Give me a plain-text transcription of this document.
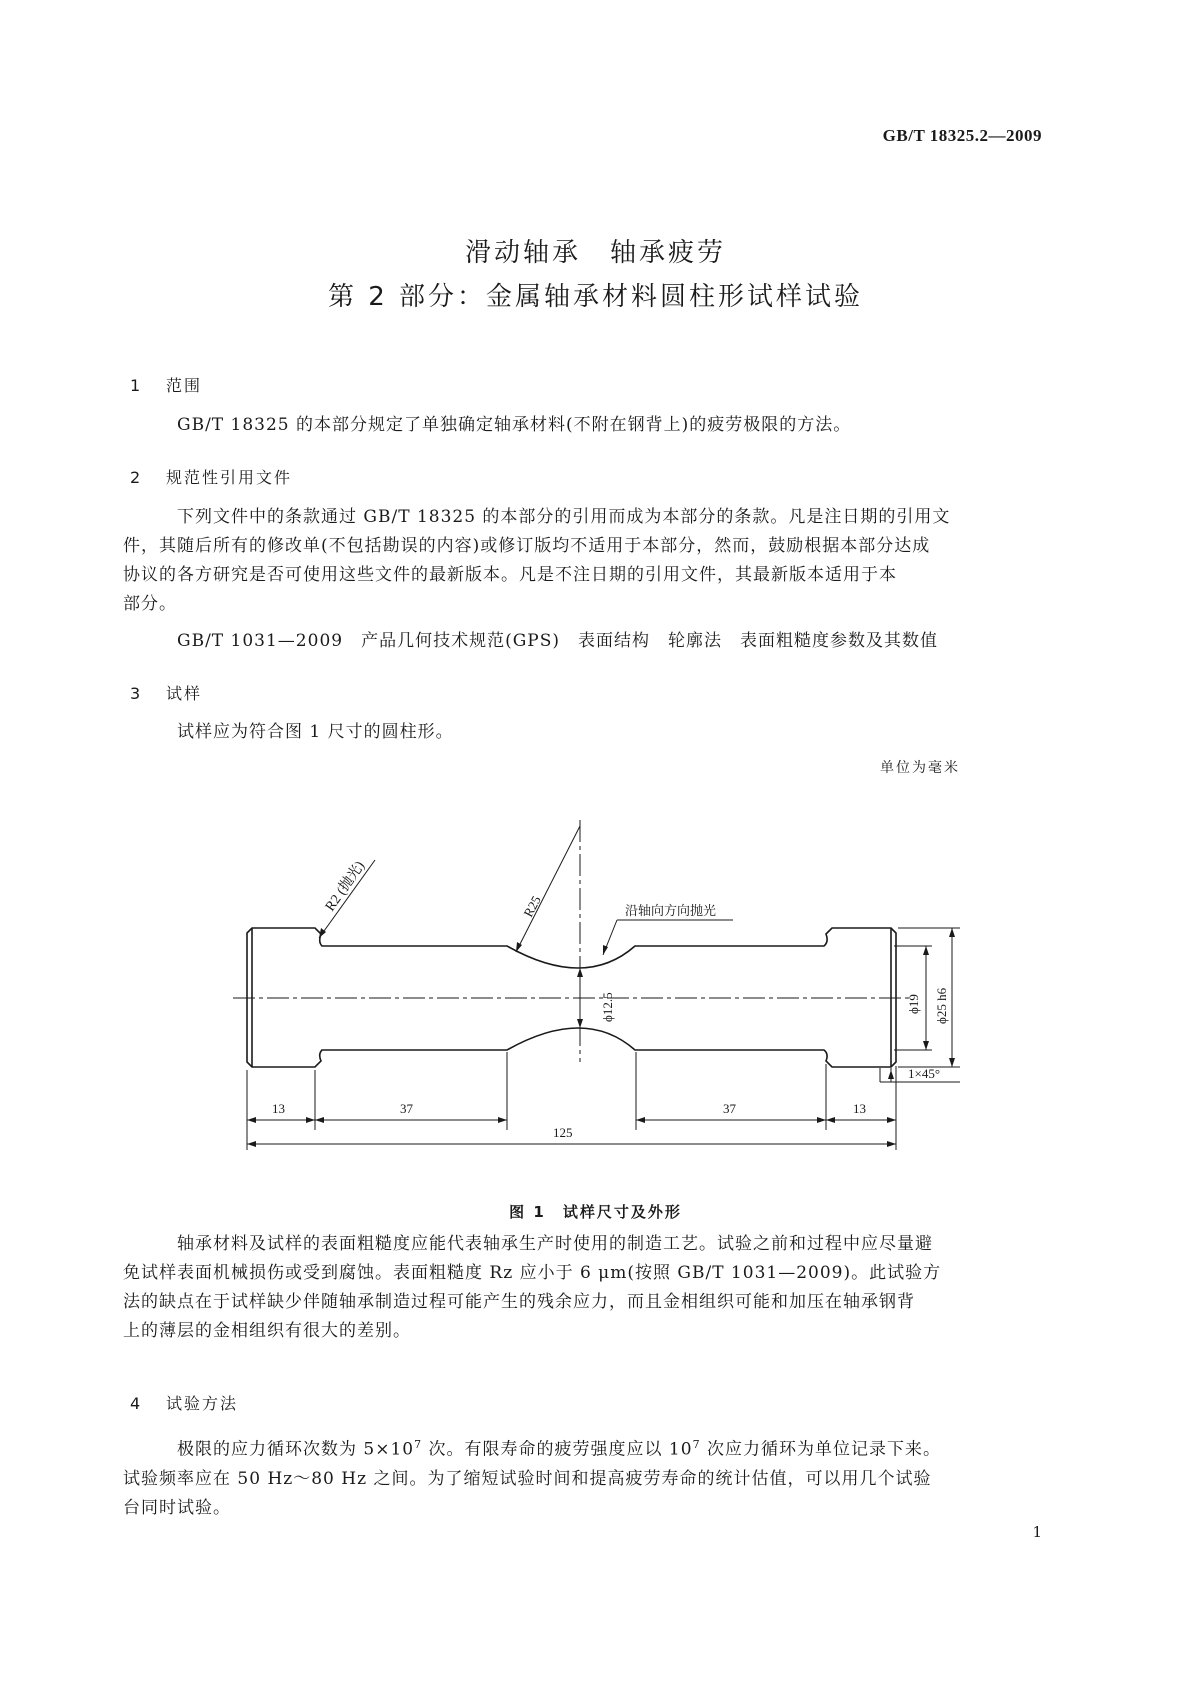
GB/T 18325.2—2009
滑动轴承　轴承疲劳
第 2 部分：金属轴承材料圆柱形试样试验
1 范围
GB/T 18325 的本部分规定了单独确定轴承材料(不附在钢背上)的疲劳极限的方法。
2 规范性引用文件
下列文件中的条款通过 GB/T 18325 的本部分的引用而成为本部分的条款。凡是注日期的引用文
件，其随后所有的修改单(不包括勘误的内容)或修订版均不适用于本部分，然而，鼓励根据本部分达成
协议的各方研究是否可使用这些文件的最新版本。凡是不注日期的引用文件，其最新版本适用于本
部分。
GB/T 1031—2009　产品几何技术规范(GPS)　表面结构　轮廓法　表面粗糙度参数及其数值
3 试样
试样应为符合图 1 尺寸的圆柱形。
单位为毫米
R2 (抛光)	R25	沿轴向方向抛光
ϕ12.5	ϕ19 ϕ25 h6
1×45°
13	37	37	13
125
图 1　试样尺寸及外形
轴承材料及试样的表面粗糙度应能代表轴承生产时使用的制造工艺。试验之前和过程中应尽量避
免试样表面机械损伤或受到腐蚀。表面粗糙度 Rz 应小于 6 μm(按照 GB/T 1031—2009)。此试验方
法的缺点在于试样缺少伴随轴承制造过程可能产生的残余应力，而且金相组织可能和加压在轴承钢背
上的薄层的金相组织有很大的差别。
4 试验方法
极限的应力循环次数为 $5\times 10^7$ 次。有限寿命的疲劳强度应以 $10^7$ 次应力循环为单位记录下来。
试验频率应在 50 Hz～80 Hz 之间。为了缩短试验时间和提高疲劳寿命的统计估值，可以用几个试验
台同时试验。
1
